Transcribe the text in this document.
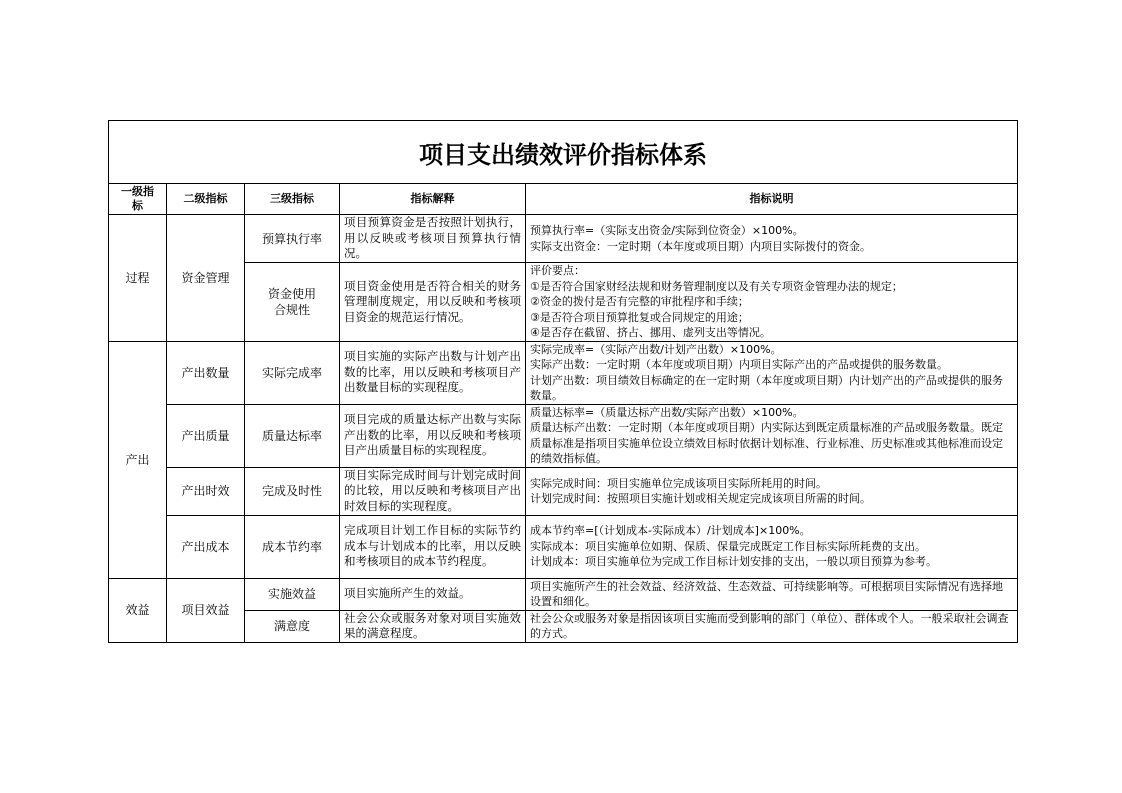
项目支出绩效评价指标体系				
一级指标	二级指标	三级指标	指标解释	指标说明
过程	资金管理	预算执行率	项目预算资金是否按照计划执行，用以反映或考核项目预算执行情况。	预算执行率=（实际支出资金/实际到位资金）×100%。
实际支出资金：一定时期（本年度或项目期）内项目实际拨付的资金。

		资金使用合规性	项目资金使用是否符合相关的财务管理制度规定，用以反映和考核项目资金的规范运行情况。	评价要点：
①是否符合国家财经法规和财务管理制度以及有关专项资金管理办法的规定；
②资金的拨付是否有完整的审批程序和手续；
③是否符合项目预算批复或合同规定的用途；
④是否存在截留、挤占、挪用、虚列支出等情况。

产出	产出数量	实际完成率	项目实施的实际产出数与计划产出数的比率，用以反映和考核项目产出数量目标的实现程度。	实际完成率=（实际产出数/计划产出数）×100%。
实际产出数：一定时期（本年度或项目期）内项目实际产出的产品或提供的服务数量。
计划产出数：项目绩效目标确定的在一定时期（本年度或项目期）内计划产出的产品或提供的服务数量。

	产出质量	质量达标率	项目完成的质量达标产出数与实际产出数的比率，用以反映和考核项目产出质量目标的实现程度。	质量达标率=（质量达标产出数/实际产出数）×100%。
质量达标产出数：一定时期（本年度或项目期）内实际达到既定质量标准的产品或服务数量。既定质量标准是指项目实施单位设立绩效目标时依据计划标准、行业标准、历史标准或其他标准而设定的绩效指标值。

	产出时效	完成及时性	项目实际完成时间与计划完成时间的比较，用以反映和考核项目产出时效目标的实现程度。	实际完成时间：项目实施单位完成该项目实际所耗用的时间。
计划完成时间：按照项目实施计划或相关规定完成该项目所需的时间。

	产出成本	成本节约率	完成项目计划工作目标的实际节约成本与计划成本的比率，用以反映和考核项目的成本节约程度。	成本节约率=[（计划成本-实际成本）/计划成本]×100%。
实际成本：项目实施单位如期、保质、保量完成既定工作目标实际所耗费的支出。
计划成本：项目实施单位为完成工作目标计划安排的支出，一般以项目预算为参考。

效益	项目效益	实施效益	项目实施所产生的效益。	项目实施所产生的社会效益、经济效益、生态效益、可持续影响等。可根据项目实际情况有选择地设置和细化。
		满意度	社会公众或服务对象对项目实施效果的满意程度。	社会公众或服务对象是指因该项目实施而受到影响的部门（单位）、群体或个人。一般采取社会调查的方式。
